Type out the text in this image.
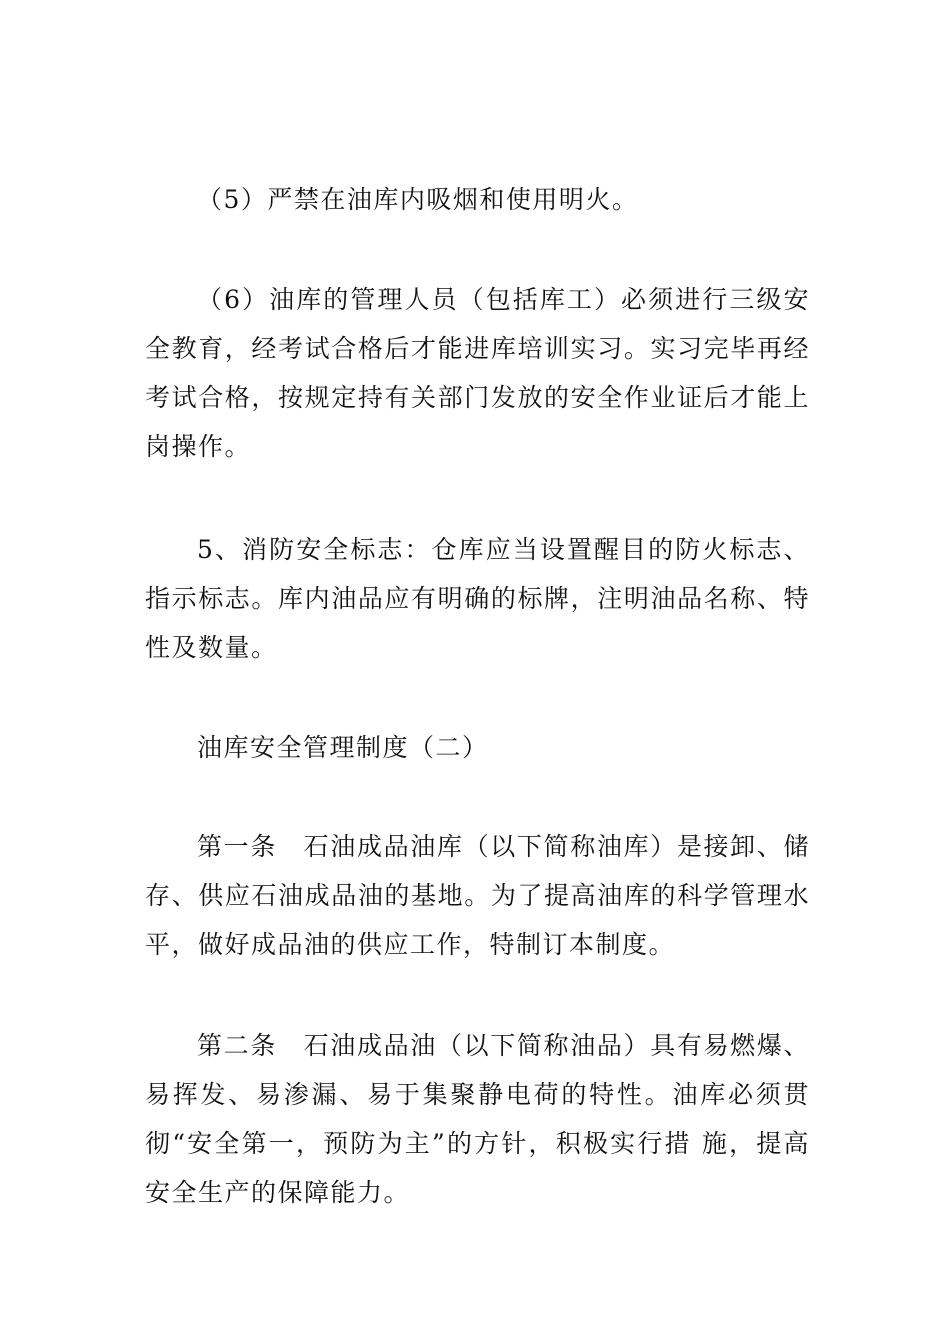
（5）严禁在油库内吸烟和使用明火。

（6）油库的管理人员（包括库工）必须进行三级安全教育，经考试合格后才能进库培训实习。实习完毕再经考试合格，按规定持有关部门发放的安全作业证后才能上岗操作。

5、消防安全标志：仓库应当设置醒目的防火标志、指示标志。库内油品应有明确的标牌，注明油品名称、特性及数量。

油库安全管理制度（二）

第一条　石油成品油库（以下简称油库）是接卸、储存、供应石油成品油的基地。为了提高油库的科学管理水平，做好成品油的供应工作，特制订本制度。

第二条　石油成品油（以下简称油品）具有易燃爆、易挥发、易渗漏、易于集聚静电荷的特性。油库必须贯彻“安全第一，预防为主”的方针，积极实行措 施，提高安全生产的保障能力。
